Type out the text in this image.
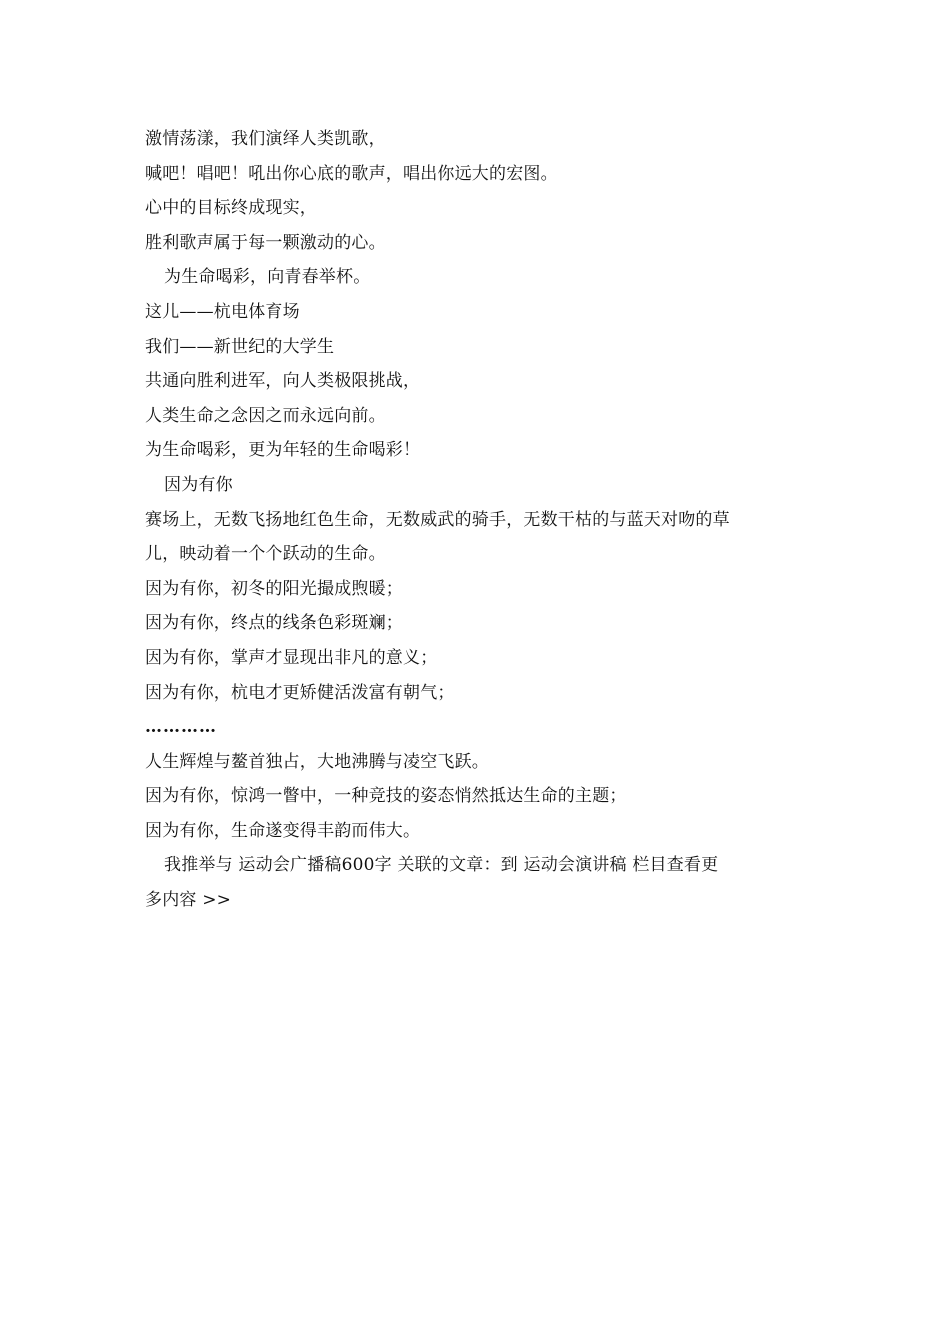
激情荡漾，我们演绎人类凯歌，
喊吧！唱吧！吼出你心底的歌声，唱出你远大的宏图。
心中的目标终成现实，
胜利歌声属于每一颗激动的心。
为生命喝彩，向青春举杯。
这儿——杭电体育场
我们——新世纪的大学生
共通向胜利进军，向人类极限挑战，
人类生命之念因之而永远向前。
为生命喝彩，更为年轻的生命喝彩！
因为有你
赛场上，无数飞扬地红色生命，无数威武的骑手，无数干枯的与蓝天对吻的草
儿，映动着一个个跃动的生命。
因为有你，初冬的阳光撮成煦暖；
因为有你，终点的线条色彩斑斓；
因为有你，掌声才显现出非凡的意义；
因为有你，杭电才更矫健活泼富有朝气；
…………
人生辉煌与鳌首独占，大地沸腾与凌空飞跃。
因为有你，惊鸿一瞥中，一种竞技的姿态悄然抵达生命的主题；
因为有你，生命遂变得丰韵而伟大。
我推举与 运动会广播稿600字 关联的文章：到 运动会演讲稿 栏目查看更
多内容 >>
